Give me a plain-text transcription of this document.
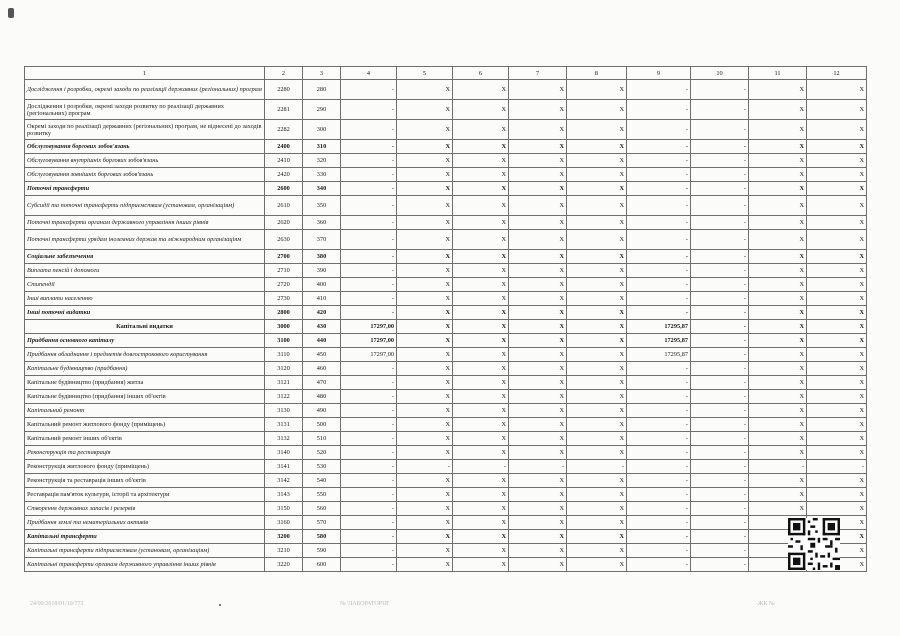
1	2	3	4	5	6	7	8	9	10	11	12
Дослідження і розробки, окремі заходи по реалізації державних (регіональних) програм	2280	280	-	X	X	X	X	-	-	X	X
Дослідження і розробки, окремі заходи розвитку по реалізації державних (регіональних) програм	2281	290	-	X	X	X	X	-	-	X	X
Окремі заходи по реалізації державних (регіональних) програм, не віднесені до заходів розвитку	2282	300	-	X	X	X	X	-	-	X	X
Обслуговування боргових зобов'язань	2400	310	-	X	X	X	X	-	-	X	X
Обслуговування внутрішніх боргових зобов'язань	2410	320	-	X	X	X	X	-	-	X	X
Обслуговування зовнішніх боргових зобов'язань	2420	330	-	X	X	X	X	-	-	X	X
Поточні трансферти	2600	340	-	X	X	X	X	-	-	X	X
Субсидії та поточні трансферти підприємствам (установам, організаціям)	2610	350	-	X	X	X	X	-	-	X	X
Поточні трансферти органам державного управління інших рівнів	2620	360	-	X	X	X	X	-	-	X	X
Поточні трансферти урядам іноземних держав та міжнародним організаціям	2630	370	-	X	X	X	X	-	-	X	X
Соціальне забезпечення	2700	380	-	X	X	X	X	-	-	X	X
Виплата пенсій і допомоги	2710	390	-	X	X	X	X	-	-	X	X
Стипендії	2720	400	-	X	X	X	X	-	-	X	X
Інші виплати населенню	2730	410	-	X	X	X	X	-	-	X	X
Інші поточні видатки	2800	420	-	X	X	X	X	-	-	X	X
Капітальні видатки	3000	430	17297,00	X	X	X	X	17295,87	-	X	X
Придбання основного капіталу	3100	440	17297,00	X	X	X	X	17295,87	-	X	X
Придбання обладнання і предметів довгострокового користування	3110	450	17297,00	X	X	X	X	17295,87	-	X	X
Капітальне будівництво (придбання)	3120	460	-	X	X	X	X	-	-	X	X
Капітальне будівництво (придбання) житла	3121	470	-	X	X	X	X	-	-	X	X
Капітальне будівництво (придбання) інших об'єктів	3122	480	-	X	X	X	X	-	-	X	X
Капітальний ремонт	3130	490	-	X	X	X	X	-	-	X	X
Капітальний ремонт житлового фонду (приміщень)	3131	500	-	X	X	X	X	-	-	X	X
Капітальний ремонт інших об'єктів	3132	510	-	X	X	X	X	-	-	X	X
Реконструкція та реставрація	3140	520	-	X	X	X	X	-	-	X	X
Реконструкція житлового фонду (приміщень)	3141	530	-	-	-	-	-	-	-	-	-
Реконструкція та реставрація інших об'єктів	3142	540	-	X	X	X	X	-	-	X	X
Реставрація пам'яток культури, історії та архітектури	3143	550	-	X	X	X	X	-	-	X	X
Створення державних запасів і резервів	3150	560	-	X	X	X	X	-	-	X	X
Придбання землі та нематеріальних активів	3160	570	-	X	X	X	X	-	-		X
Капітальні трансферти	3200	580	-	X	X	X	X	-	-		X
Капітальні трансферти підприємствам (установам, організаціям)	3210	590	-	X	X	X	X	-	-		X
Капітальні трансферти органам державного управління інших рівнів	3220	600	-	X	X	X	X	-	-		X
24/09/2018/01/10/773	№ 'ЛАБОРАТОРІЯ'	-ЖК №
